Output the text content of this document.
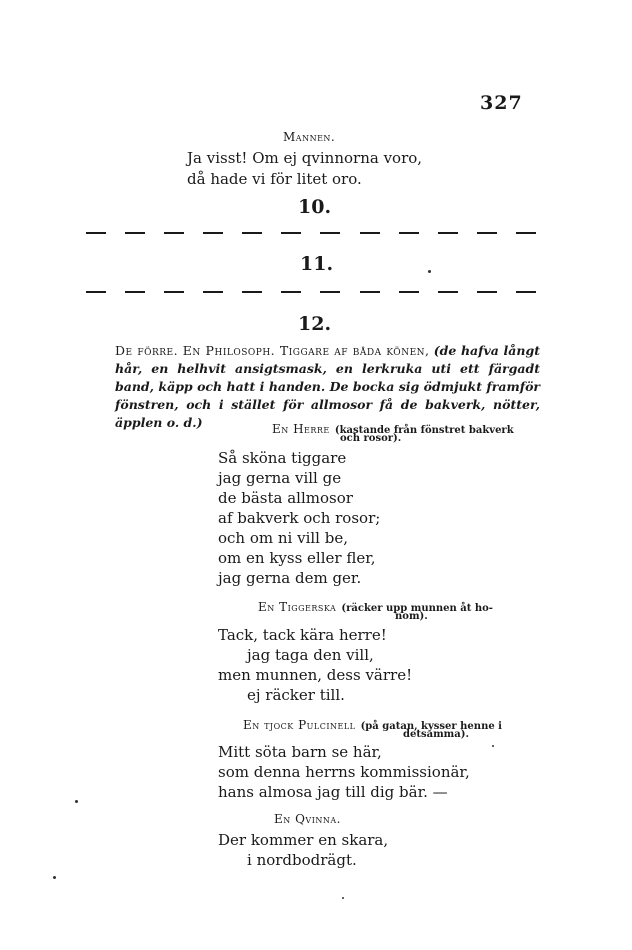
327
Mannen.
Ja visst! Om ej qvinnorna voro,
då hade vi för litet oro.
10.
11.
12.
De förre. En Philosoph. Tiggare af båda könen, (de hafva långt hår, en helhvit ansigtsmask, en lerkruka uti ett färgadt band, käpp och hatt i handen. De bocka sig ödmjukt framför fönstren, och i stället för allmosor få de bakverk, nötter, äpplen o. d.)	En Herre (kastande från fönstret bakverk
och rosor).
Så sköna tiggare
jag gerna vill ge
de bästa allmosor
af bakverk och rosor;
och om ni vill be,
om en kyss eller fler,
jag gerna dem ger.
En Tiggerska (räcker upp munnen åt ho-
nom).
Tack, tack kära herre!
jag taga den vill,
men munnen, dess värre!
ej räcker till.
En tjock Pulcinell (på gatan, kysser henne i
detsamma).
Mitt söta barn se här,
som denna herrns kommissionär,
hans almosa jag till dig bär. —
En Qvinna.
Der kommer en skara,
i nordbodrägt.
